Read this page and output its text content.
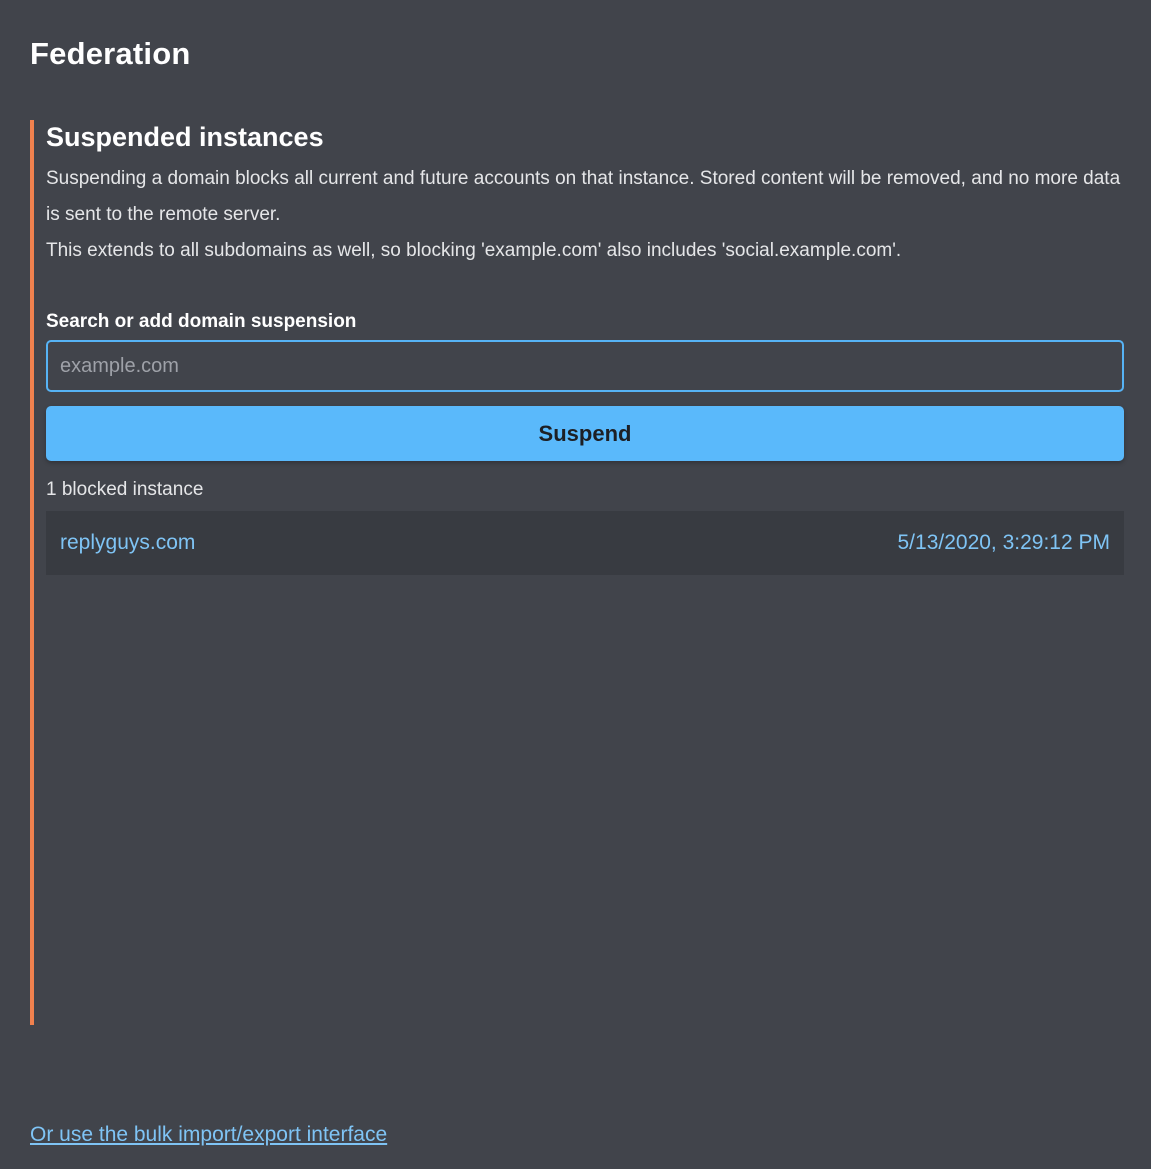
Federation
Suspended instances

Suspending a domain blocks all current and future accounts on that instance. Stored content will be removed, and no more data is sent to the remote server.
This extends to all subdomains as well, so blocking 'example.com' also includes 'social.example.com'.

Search or add domain suspension
example.com
Suspend
1 blocked instance
replyguys.com	5/13/2020, 3:29:12 PM
Or use the bulk import/export interface
